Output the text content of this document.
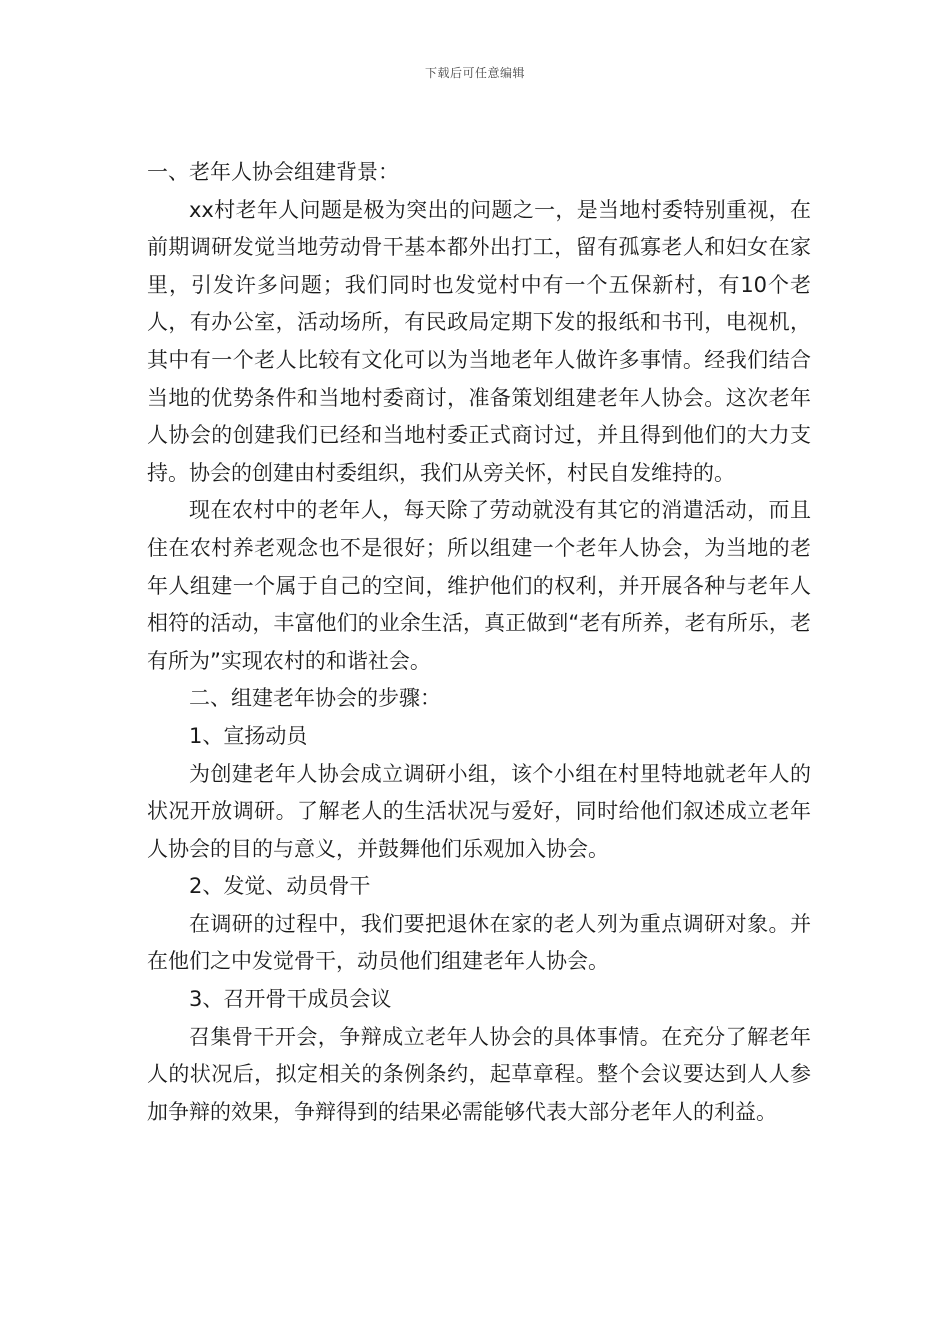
下载后可任意编辑

一、老年人协会组建背景：

xx村老年人问题是极为突出的问题之一，是当地村委特别重视，在前期调研发觉当地劳动骨干基本都外出打工，留有孤寡老人和妇女在家里，引发许多问题；我们同时也发觉村中有一个五保新村，有10个老人，有办公室，活动场所，有民政局定期下发的报纸和书刊，电视机，其中有一个老人比较有文化可以为当地老年人做许多事情。经我们结合当地的优势条件和当地村委商讨，准备策划组建老年人协会。这次老年人协会的创建我们已经和当地村委正式商讨过，并且得到他们的大力支持。协会的创建由村委组织，我们从旁关怀，村民自发维持的。

现在农村中的老年人，每天除了劳动就没有其它的消遣活动，而且住在农村养老观念也不是很好；所以组建一个老年人协会，为当地的老年人组建一个属于自己的空间，维护他们的权利，并开展各种与老年人相符的活动，丰富他们的业余生活，真正做到“老有所养，老有所乐，老有所为”实现农村的和谐社会。

二、组建老年协会的步骤：

1、宣扬动员

为创建老年人协会成立调研小组，该个小组在村里特地就老年人的状况开放调研。了解老人的生活状况与爱好，同时给他们叙述成立老年人协会的目的与意义，并鼓舞他们乐观加入协会。

2、发觉、动员骨干

在调研的过程中，我们要把退休在家的老人列为重点调研对象。并在他们之中发觉骨干，动员他们组建老年人协会。

3、召开骨干成员会议

召集骨干开会，争辩成立老年人协会的具体事情。在充分了解老年人的状况后，拟定相关的条例条约，起草章程。整个会议要达到人人参加争辩的效果，争辩得到的结果必需能够代表大部分老年人的利益。
